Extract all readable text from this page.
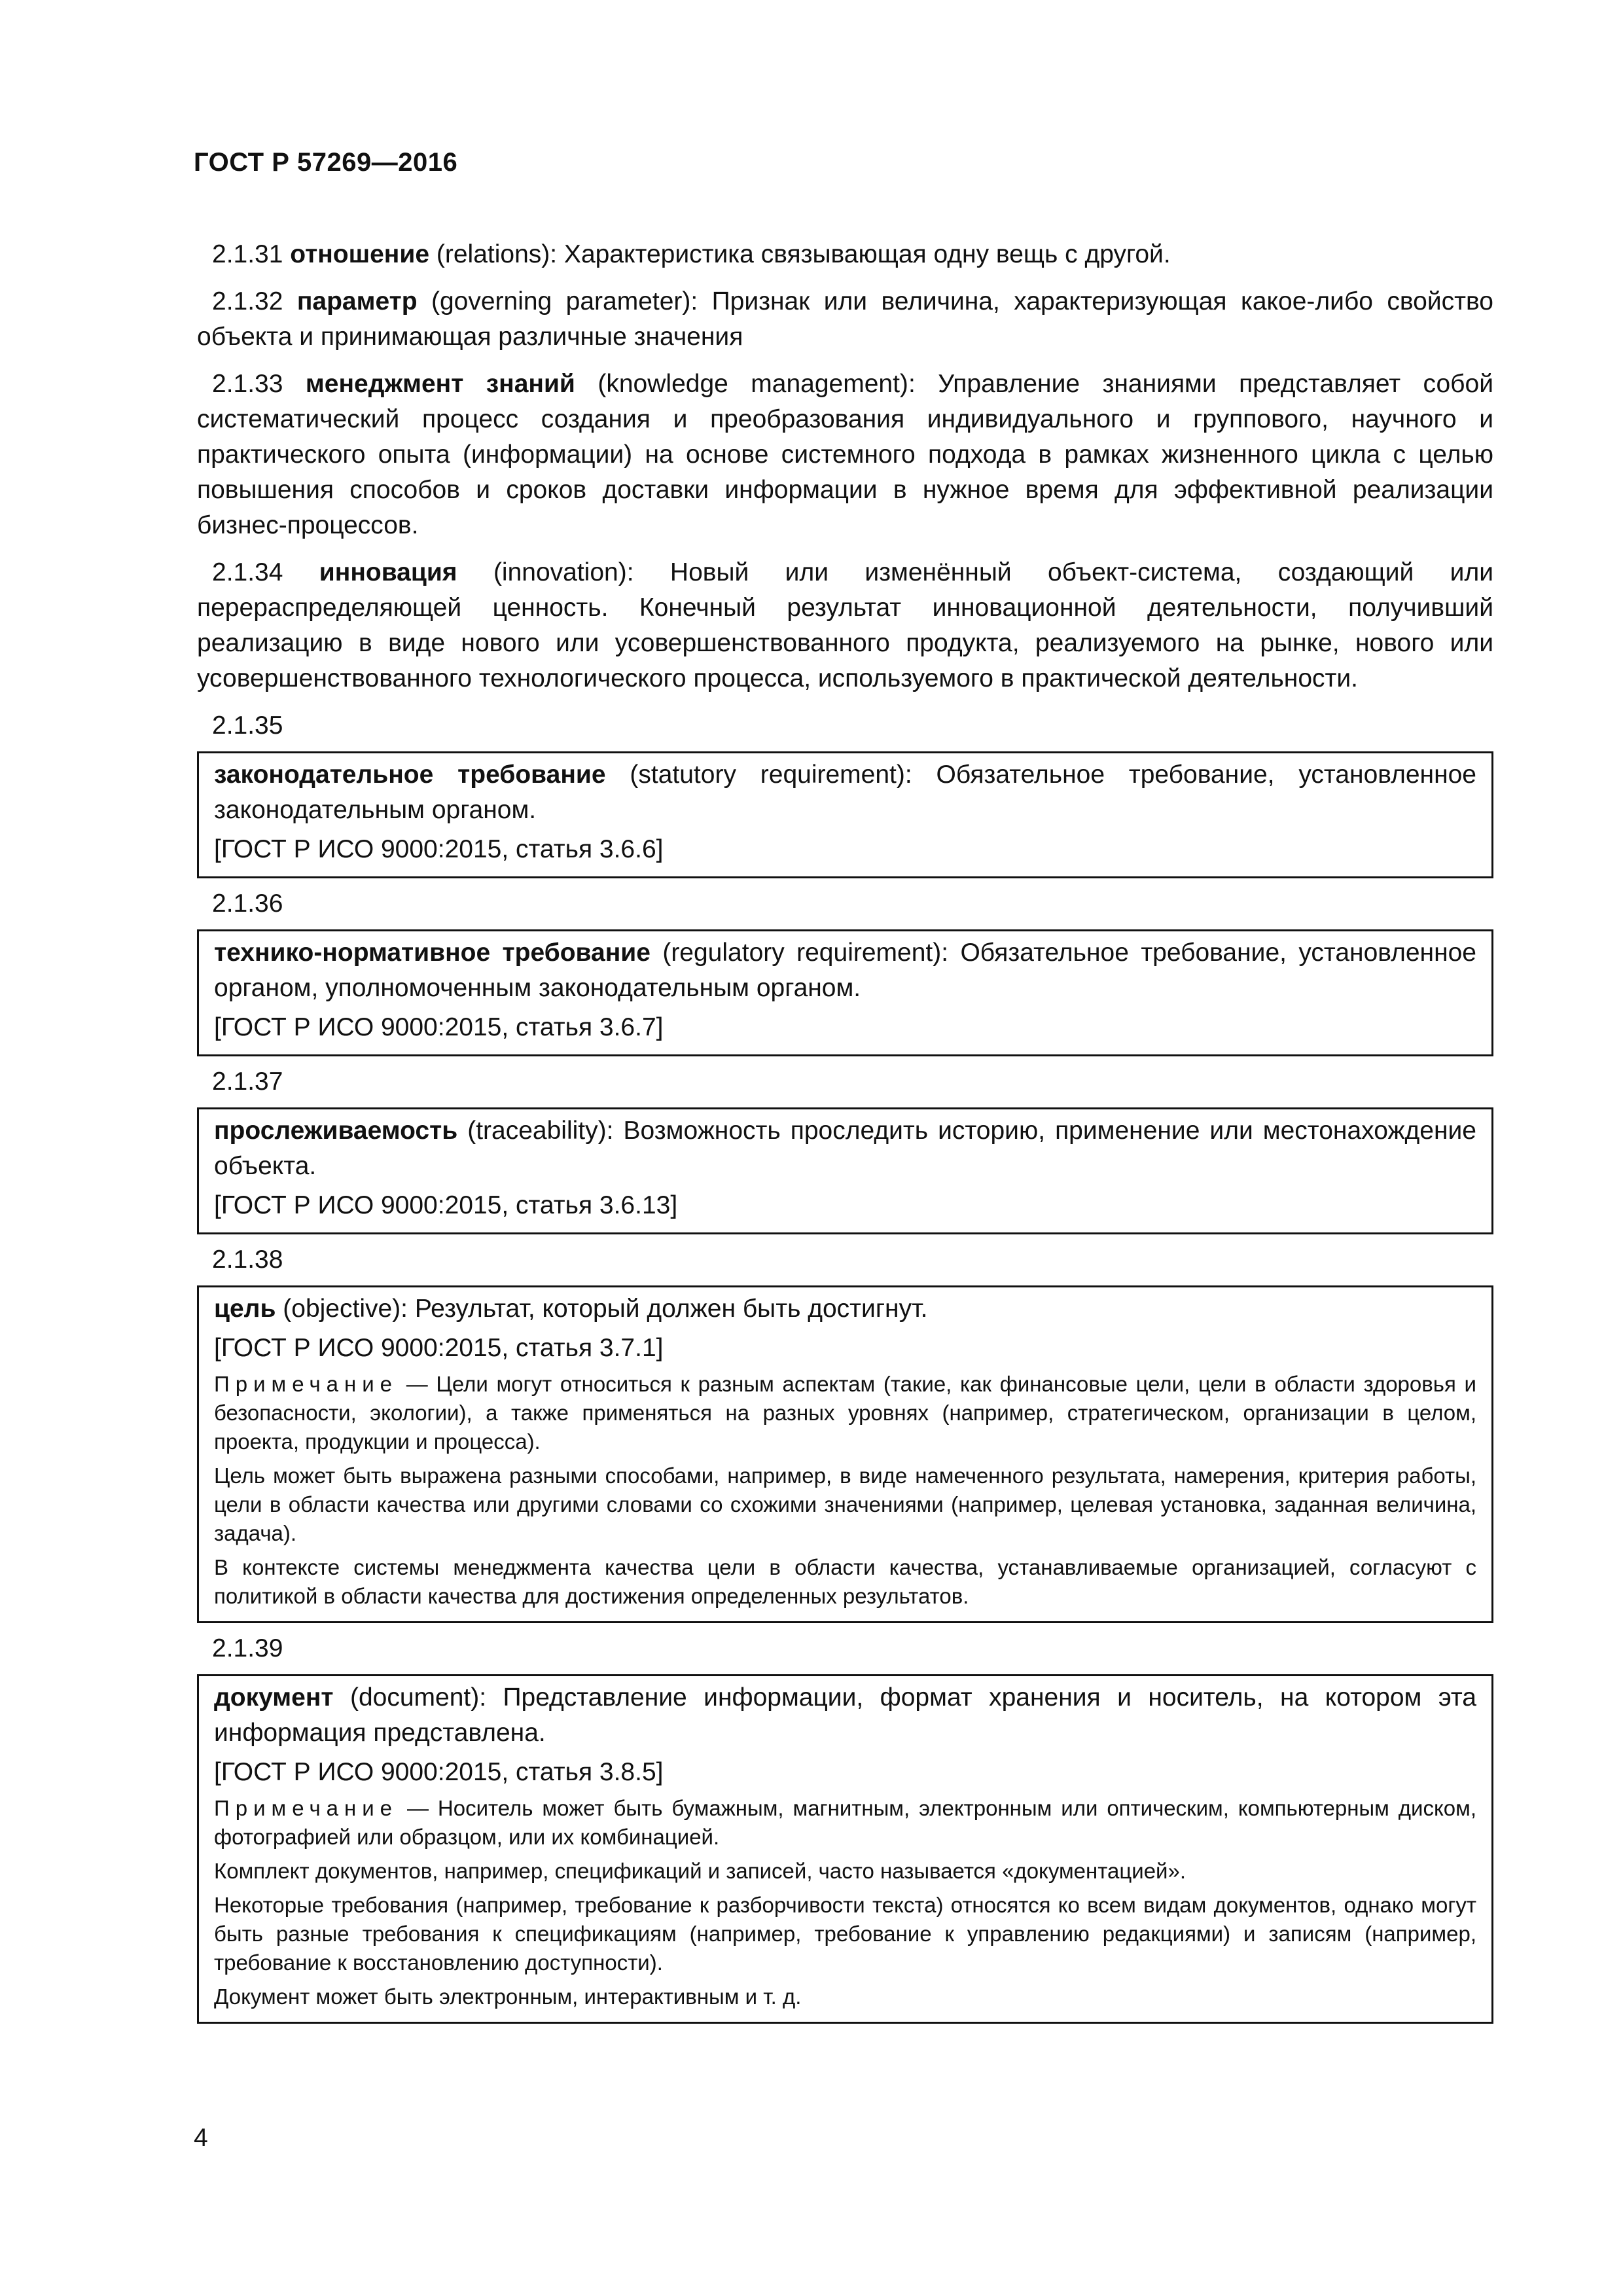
ГОСТ Р 57269—2016

2.1.31 отношение (relations): Характеристика связывающая одну вещь с другой.

2.1.32 параметр (governing parameter): Признак или величина, характеризующая какое-либо свойство объекта и принимающая различные значения

2.1.33 менеджмент знаний (knowledge management): Управление знаниями представляет собой систематический процесс создания и преобразования индивидуального и группового, научного и практического опыта (информации) на основе системного подхода в рамках жизненного цикла с целью повышения способов и сроков доставки информации в нужное время для эффективной реализации бизнес-процессов.

2.1.34 инновация (innovation): Новый или изменённый объект-система, создающий или перераспределяющей ценность. Конечный результат инновационной деятельности, получивший реализацию в виде нового или усовершенствованного продукта, реализуемого на рынке, нового или усовершенствованного технологического процесса, используемого в практической деятельности.

2.1.35
законодательное требование (statutory requirement): Обязательное требование, установленное законодательным органом.
[ГОСТ Р ИСО 9000:2015, статья 3.6.6]
2.1.36
технико-нормативное требование (regulatory requirement): Обязательное требование, установленное органом, уполномоченным законодательным органом.
[ГОСТ Р ИСО 9000:2015, статья 3.6.7]
2.1.37
прослеживаемость (traceability): Возможность проследить историю, применение или местонахождение объекта.
[ГОСТ Р ИСО 9000:2015, статья 3.6.13]
2.1.38
цель (objective): Результат, который должен быть достигнут.
[ГОСТ Р ИСО 9000:2015, статья 3.7.1]
Примечание — Цели могут относиться к разным аспектам (такие, как финансовые цели, цели в области здоровья и безопасности, экологии), а также применяться на разных уровнях (например, стратегическом, организации в целом, проекта, продукции и процесса).
Цель может быть выражена разными способами, например, в виде намеченного результата, намерения, критерия работы, цели в области качества или другими словами со схожими значениями (например, целевая установка, заданная величина, задача).
В контексте системы менеджмента качества цели в области качества, устанавливаемые организацией, согласуют с политикой в области качества для достижения определенных результатов.
2.1.39
документ (document): Представление информации, формат хранения и носитель, на котором эта информация представлена.
[ГОСТ Р ИСО 9000:2015, статья 3.8.5]
Примечание — Носитель может быть бумажным, магнитным, электронным или оптическим, компьютерным диском, фотографией или образцом, или их комбинацией.
Комплект документов, например, спецификаций и записей, часто называется «документацией».
Некоторые требования (например, требование к разборчивости текста) относятся ко всем видам документов, однако могут быть разные требования к спецификациям (например, требование к управлению редакциями) и записям (например, требование к восстановлению доступности).
Документ может быть электронным, интерактивным и т. д.
4
